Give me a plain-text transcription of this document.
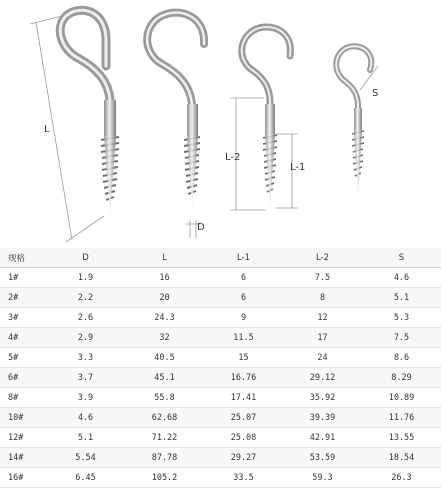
L
D
L-2
L-1
S
规格	D	L	L-1	L-2	S
1#	1.9	16	6	7.5	4.6
2#	2.2	20	6	8	5.1
3#	2.6	24.3	9	12	5.3
4#	2.9	32	11.5	17	7.5
5#	3.3	40.5	15	24	8.6
6#	3.7	45.1	16.76	29.12	8.29
8#	3.9	55.8	17.41	35.92	10.89
10#	4.6	62.68	25.07	39.39	11.76
12#	5.1	71.22	25.08	42.91	13.55
14#	5.54	87.78	29.27	53.59	18.54
16#	6.45	105.2	33.5	59.3	26.3
